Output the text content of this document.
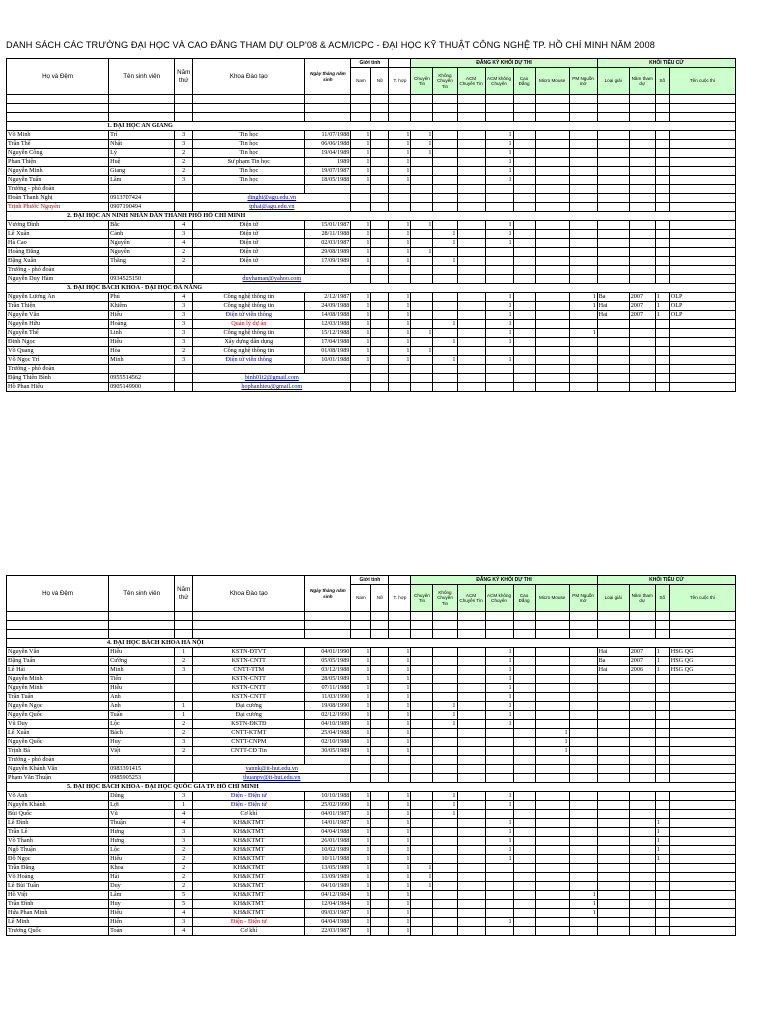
DANH SÁCH CÁC TRƯỜNG ĐẠI HỌC VÀ CAO ĐẲNG THAM DỰ OLP'08 & ACM/ICPC - ĐẠI HỌC KỸ THUẬT CÔNG NGHỆ TP. HỒ CHÍ MINH NĂM 2008
Họ và Đệm	Tên sinh viên	Năm thứ	Khoa Đào tạo	Ngày tháng năm sinh	Giới tính			ĐĂNG KÝ KHỐI DỰ THI							KHỐI TIÊU CỬ			
					Nam	Nữ	T. hợp	Chuyên Tin	Không Chuyên Tin	ACM Chuyên Tin	ACM không Chuyên	Cao Đẳng	Micro Mouse	PM Nguồn mở	Loại giải	Năm tham dự	Số	Tên cuộc thi

1. ĐẠI HỌC AN GIANG																		
Võ Minh	Trí	3	Tin học	11/07/1988	1		1	1			1							
Trần Thế	Nhật	3	Tin học	06/06/1988	1		1	1			1							
Nguyễn Công	Lý	2	Tin học	19/04/1989	1		1	1			1							
Phan Thiện	Huệ	2	Sư phạm Tin học	1989	1		1				1							
Nguyễn Minh	Giang	2	Tin học	19/07/1987	1		1				1							
Nguyễn Tuấn	Lâm	3	Tin học	18/05/1988	1		1				1							
Trưởng - phó đoàn																		
Đoàn Thanh Nghị	0913707424		dtnghi@agu.edu.vn															
Trịnh Phước Nguyên	0907190494		tphai@agu.edu.vn															
2. ĐẠI HỌC AN NINH NHÂN DÂN THÀNH PHỐ HỒ CHÍ MINH																		
Vương Đình	Bắc	4	Điện tử	15/01/1987	1		1	1			1							
Lê Xuân	Cảnh	3	Điện tử	28/11/1988	1		1		1		1							
Hà Cao	Nguyên	4	Điện tử	02/03/1987	1		1		1		1							
Hoàng Đăng	Nguyên	2	Điện tử	29/08/1989	1		1	1										
Đặng Xuân	Thăng	2	Điện tử	17/09/1989	1		1		1									
Trưởng - phó đoàn																		
Nguyễn Duy Hàm	0934525150		duyhaman@yahoo.com															
3. ĐẠI HỌC BÁCH KHOA - ĐẠI HỌC ĐÀ NẴNG																		
Nguyễn Lương Ân	Phú	4	Công nghệ thông tin	2/12/1987	1		1				1			1	Ba	2007	1	OLP
Trần Thiện	Khiêm	3	Công nghệ thông tin	24/09/1988	1		1				1			1	Hai	2007	1	OLP
Nguyễn Văn	Hiếu	3	Điện tử viễn thông	14/08/1988	1		1				1				Hai	2007	1	OLP
Nguyễn Hữu	Hoàng	3	Quản lý dự án	12/03/1988	1		1		1		1							
Nguyễn Thế	Linh	3	Công nghệ thông tin	15/12/1988	1		1	1			1			1				
Đinh Ngọc	Hiếu	3	Xây dựng dân dụng	17/04/1988	1		1		1		1							
Võ Quang	Hòa	2	Công nghệ thông tin	01/08/1989	1		1	1										
Võ Ngọc Trí	Minh	3	Điện tử viễn thông	10/01/1988	1		1		1		1							
Trưởng - phó đoàn																		
Đặng Thiên Bình	0955514562		binh01t2@gmail.com															
Hồ Phan Hiếu	0905149900		hophanhieu@gmail.com															
Họ và Đệm	Tên sinh viên	Năm thứ	Khoa Đào tạo	Ngày tháng năm sinh	Giới tính			ĐĂNG KÝ KHỐI DỰ THI							KHỐI TIÊU CỬ			
					Nam	Nữ	T. hợp	Chuyên Tin	Không Chuyên Tin	ACM Chuyên Tin	ACM không Chuyên	Cao Đẳng	Micro Mouse	PM Nguồn mở	Loại giải	Năm tham dự	Số	Tên cuộc thi

4. ĐẠI HỌC BÁCH KHOA HÀ NỘI																		
Nguyễn Văn	Hiếu	1	KSTN-ĐTVT	04/01/1990	1		1				1				Hai	2007	1	HSG QG
Đặng Tuấn	Cường	2	KSTN-CNTT	05/05/1989	1		1				1				Ba	2007	1	HSG QG
Lê Hải	Minh	3	CNTT-TTM	03/12/1988	1		1				1				Hai	2006	1	HSG QG
Nguyễn Minh	Tiến		KSTN-CNTT	28/05/1989	1		1				1							
Nguyễn Minh	Hiếu		KSTN-CNTT	07/11/1988	1		1				1							
Trần Tuấn	Anh		KSTN-CNTT	11/03/1990	1		1				1							
Nguyễn Ngọc	Anh	1	Đại cương	19/08/1990	1		1		1		1							
Nguyễn Quốc	Tuấn	1	Đại cương	02/12/1990	1		1		1		1							
Vũ Duy	Lộc	2	KSTN-ĐKTĐ	04/10/1989	1		1		1		1							
Lê Xuân	Bách	2	CNTT-KTMT	25/04/1988	1		1						1					
Nguyễn Quốc	Huy	3	CNTT-CNPM	02/10/1988	1		1						1					
Trịnh Bá	Việt	2	CNTT-CĐ Tin	30/05/1989	1		1						1					
Trưởng - phó đoàn																		
Nguyễn Khánh Văn	0983391415		vannk@it-hut.edu.vn															
Phạm Văn Thuận	0985905253		thuanpv@it-hut.edu.vn															
5. ĐẠI HỌC BÁCH KHOA - ĐẠI HỌC QUỐC GIA TP. HỒ CHÍ MINH																		
Võ Anh	Dũng	3	Điện - Điện tử	10/10/1988	1		1		1		1							
Nguyễn Khánh	Lợi	1	Điện - Điện tử	25/02/1990	1		1		1		1							
Bùi Quốc	Vũ	4	Cơ khí	04/01/1987	1		1		1									
Lê Đình	Thuận	4	KH&KTMT	14/01/1987	1		1				1						1	
Trần Lê	Hưng	3	KH&KTMT	04/04/1988	1		1				1						1	
Võ Thanh	Hưng	3	KH&KTMT	26/01/1988	1		1				1						1	
Ngô Thuận	Lộc	2	KH&KTMT	10/02/1989	1		1				1						1	
Đỗ Ngọc	Hiếu	2	KH&KTMT	10/11/1988	1		1				1						1	
Trần Đăng	Khoa	2	KH&KTMT	13/05/1989	1		1	1										
Võ Hoàng	Hải	2	KH&KTMT	13/09/1989	1		1	1										
Lê Bùi Tuấn	Duy	2	KH&KTMT	04/10/1989	1		1	1										
Hồ Việt	Lâm	5	KH&KTMT	04/12/1984	1		1							1				
Trần Đình	Huy	5	KH&KTMT	12/04/1984	1		1							1				
Hứa Phan Minh	Hiếu	4	KH&KTMT	09/03/1987	1		1							1				
Lê Minh	Hiển	3	Điện - Điện tử	04/04/1988	1		1				1							
Trương Quốc	Toàn	4	Cơ khí	22/03/1987	1		1											
